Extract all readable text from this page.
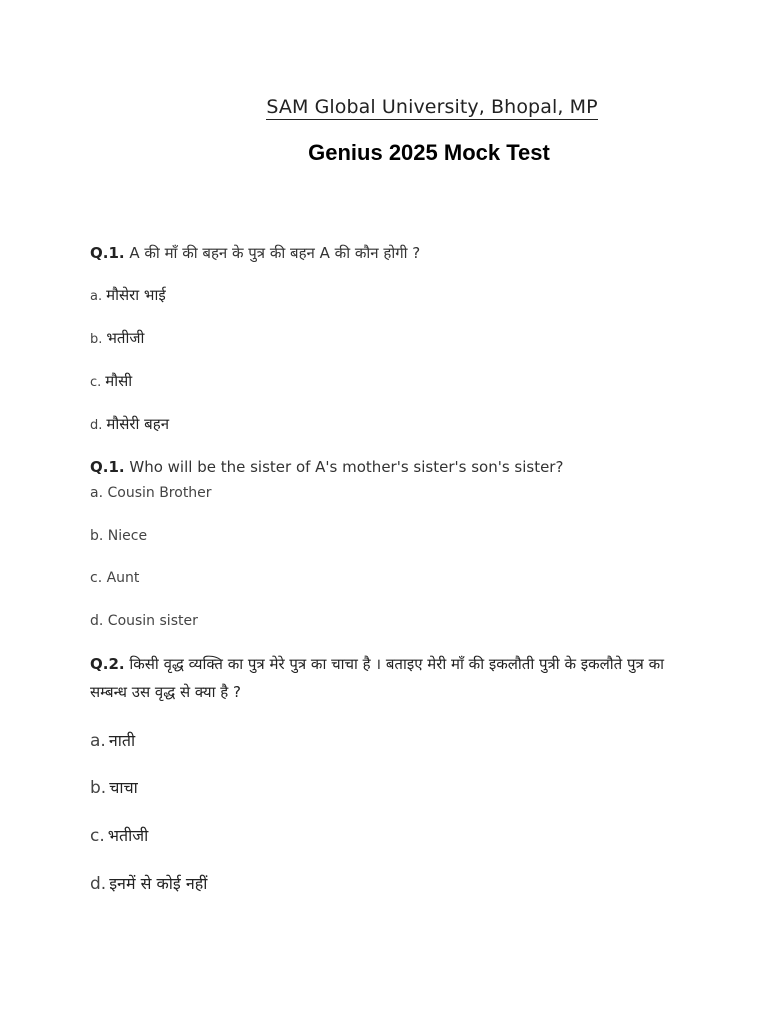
SAM Global University, Bhopal, MP
Genius 2025 Mock Test
Q.1. A की माँ की बहन के पुत्र की बहन A की कौन होगी ?
a. मौसेरा भाई
b. भतीजी
c. मौसी
d. मौसेरी बहन
Q.1. Who will be the sister of A's mother's sister's son's sister?
a. Cousin Brother
b. Niece
c. Aunt
d. Cousin sister
Q.2. किसी वृद्ध व्यक्ति का पुत्र मेरे पुत्र का चाचा है । बताइए मेरी माँ की इकलौती पुत्री के इकलौते पुत्र का सम्बन्ध उस वृद्ध से क्या है ?
a. नाती
b. चाचा
c. भतीजी
d. इनमें से कोई नहीं
